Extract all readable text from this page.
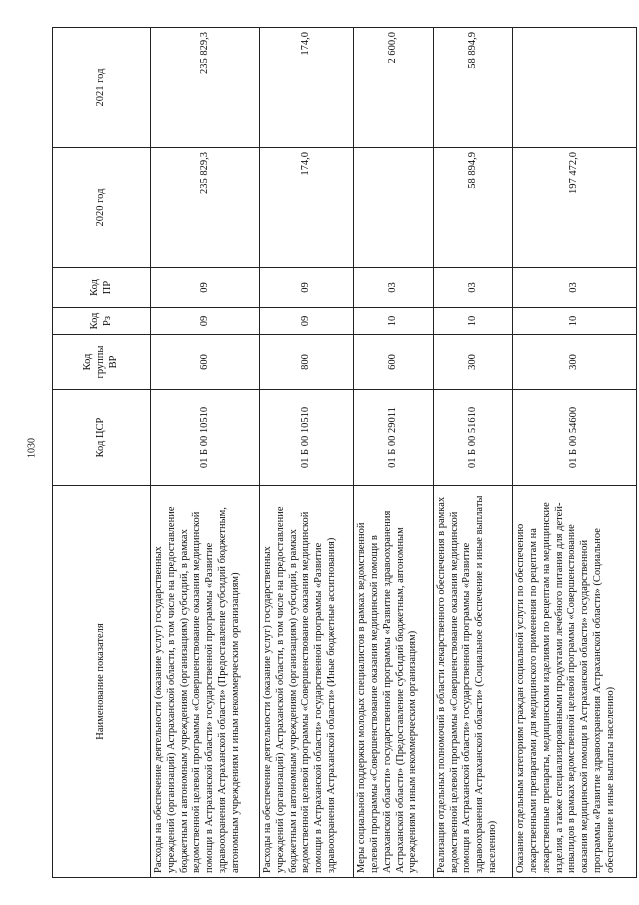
1030
Наименование показателя	Код ЦСР	Код группы ВР	Код Рз	Код ПР	2020 год	2021 год
Расходы на обеспечение деятельности (оказание услуг) государственных учреждений (организаций) Астраханской области, в том числе на предоставление бюджетным и автономным учреждениям (организациям) субсидий, в рамках ведомственной целевой программы «Совершенствование оказания медицинской помощи в Астраханской области» государственной программы «Развитие здравоохранения Астраханской области» (Предоставление субсидий бюджетным, автономным учреждениям и иным некоммерческим организациям)	01 Б 00 10510	600	09	09	235 829,3	235 829,3
Расходы на обеспечение деятельности (оказание услуг) государственных учреждений (организаций) Астраханской области, в том числе на предоставление бюджетным и автономным учреждениям (организациям) субсидий, в рамках ведомственной целевой программы «Совершенствование оказания медицинской помощи в Астраханской области» государственной программы «Развитие здравоохранения Астраханской области» (Иные бюджетные ассигнования)	01 Б 00 10510	800	09	09	174,0	174,0
Меры социальной поддержки молодых специалистов в рамках ведомственной целевой программы «Совершенствование оказания медицинской помощи в Астраханской области» государственной программы «Развитие здравоохранения Астраханской области» (Предоставление субсидий бюджетным, автономным учреждениям и иным некоммерческим организациям)	01 Б 00 29011	600	10	03		2 600,0
Реализация отдельных полномочий в области лекарственного обеспечения в рамках ведомственной целевой программы «Совершенствование оказания медицинской помощи в Астраханской области» государственной программы «Развитие здравоохранения Астраханской области» (Социальное обеспечение и иные выплаты населению)	01 Б 00 51610	300	10	03	58 894,9	58 894,9
Оказание отдельным категориям граждан социальной услуги по обеспечению лекарственными препаратами для медицинского применения по рецептам на лекарственные препараты, медицинскими изделиями по рецептам на медицинские изделия, а также специализированными продуктами лечебного питания для детей-инвалидов в рамках ведомственной целевой программы «Совершенствование оказания медицинской помощи в Астраханской области» государственной программы «Развитие здравоохранения Астраханской области» (Социальное обеспечение и иные выплаты населению)	01 Б 00 54600	300	10	03	197 472,0	
